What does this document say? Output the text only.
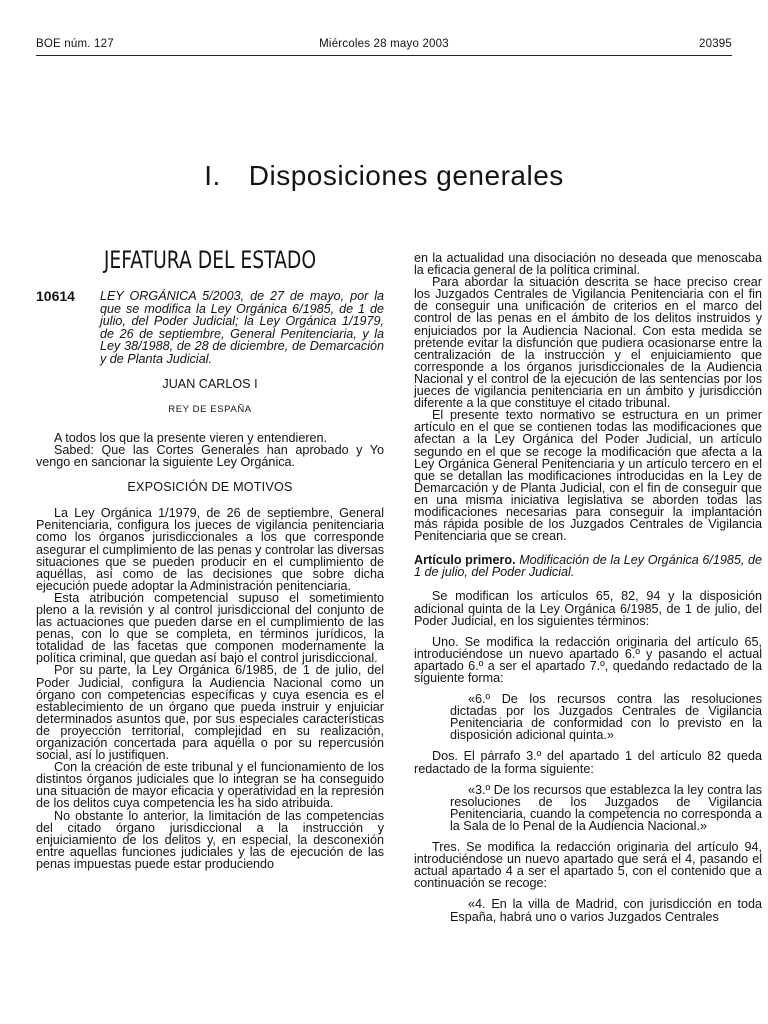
BOE núm. 127	Miércoles 28 mayo 2003	20395
I. Disposiciones generales
JEFATURA DEL ESTADO
10614	LEY ORGÁNICA 5/2003, de 27 de mayo, por la que se modifica la Ley Orgánica 6/1985, de 1 de julio, del Poder Judicial; la Ley Orgánica 1/1979, de 26 de septiembre, General Penitenciaria, y la Ley 38/1988, de 28 de diciembre, de Demarcación y de Planta Judicial.
JUAN CARLOS I
REY DE ESPAÑA

A todos los que la presente vieren y entendieren.

Sabed: Que las Cortes Generales han aprobado y Yo vengo en sancionar la siguiente Ley Orgánica.

EXPOSICIÓN DE MOTIVOS

La Ley Orgánica 1/1979, de 26 de septiembre, General Penitenciaria, configura los jueces de vigilancia penitenciaria como los órganos jurisdiccionales a los que corresponde asegurar el cumplimiento de las penas y controlar las diversas situaciones que se pueden producir en el cumplimiento de aquéllas, así como de las decisiones que sobre dicha ejecución puede adoptar la Administración penitenciaria.

Esta atribución competencial supuso el sometimiento pleno a la revisión y al control jurisdiccional del conjunto de las actuaciones que pueden darse en el cumplimiento de las penas, con lo que se completa, en términos jurídicos, la totalidad de las facetas que componen modernamente la política criminal, que quedan así bajo el control jurisdiccional.

Por su parte, la Ley Orgánica 6/1985, de 1 de julio, del Poder Judicial, configura la Audiencia Nacional como un órgano con competencias específicas y cuya esencia es el establecimiento de un órgano que pueda instruir y enjuiciar determinados asuntos que, por sus especiales características de proyección territorial, complejidad en su realización, organización concertada para aquélla o por su repercusión social, así lo justifiquen.

Con la creación de este tribunal y el funcionamiento de los distintos órganos judiciales que lo integran se ha conseguido una situación de mayor eficacia y operatividad en la represión de los delitos cuya competencia les ha sido atribuida.

No obstante lo anterior, la limitación de las competencias del citado órgano jurisdiccional a la instrucción y enjuiciamiento de los delitos y, en especial, la desconexión entre aquellas funciones judiciales y las de ejecución de las penas impuestas puede estar produciendo

en la actualidad una disociación no deseada que menoscaba la eficacia general de la política criminal.

Para abordar la situación descrita se hace preciso crear los Juzgados Centrales de Vigilancia Penitenciaria con el fin de conseguir una unificación de criterios en el marco del control de las penas en el ámbito de los delitos instruidos y enjuiciados por la Audiencia Nacional. Con esta medida se pretende evitar la disfunción que pudiera ocasionarse entre la centralización de la instrucción y el enjuiciamiento que corresponde a los órganos jurisdiccionales de la Audiencia Nacional y el control de la ejecución de las sentencias por los jueces de vigilancia penitenciaria en un ámbito y jurisdicción diferente a la que constituye el citado tribunal.

El presente texto normativo se estructura en un primer artículo en el que se contienen todas las modificaciones que afectan a la Ley Orgánica del Poder Judicial, un artículo segundo en el que se recoge la modificación que afecta a la Ley Orgánica General Penitenciaria y un artículo tercero en el que se detallan las modificaciones introducidas en la Ley de Demarcación y de Planta Judicial, con el fin de conseguir que en una misma iniciativa legislativa se aborden todas las modificaciones necesarias para conseguir la implantación más rápida posible de los Juzgados Centrales de Vigilancia Penitenciaria que se crean.

Artículo primero. Modificación de la Ley Orgánica 6/1985, de 1 de julio, del Poder Judicial.

Se modifican los artículos 65, 82, 94 y la disposición adicional quinta de la Ley Orgánica 6/1985, de 1 de julio, del Poder Judicial, en los siguientes términos:

Uno. Se modifica la redacción originaria del artículo 65, introduciéndose un nuevo apartado 6.º y pasando el actual apartado 6.º a ser el apartado 7.º, quedando redactado de la siguiente forma:

«6.º De los recursos contra las resoluciones dictadas por los Juzgados Centrales de Vigilancia Penitenciaria de conformidad con lo previsto en la disposición adicional quinta.»

Dos. El párrafo 3.º del apartado 1 del artículo 82 queda redactado de la forma siguiente:

«3.º De los recursos que establezca la ley contra las resoluciones de los Juzgados de Vigilancia Penitenciaria, cuando la competencia no corresponda a la Sala de lo Penal de la Audiencia Nacional.»

Tres. Se modifica la redacción originaria del artículo 94, introduciéndose un nuevo apartado que será el 4, pasando el actual apartado 4 a ser el apartado 5, con el contenido que a continuación se recoge:

«4. En la villa de Madrid, con jurisdicción en toda España, habrá uno o varios Juzgados Centrales
